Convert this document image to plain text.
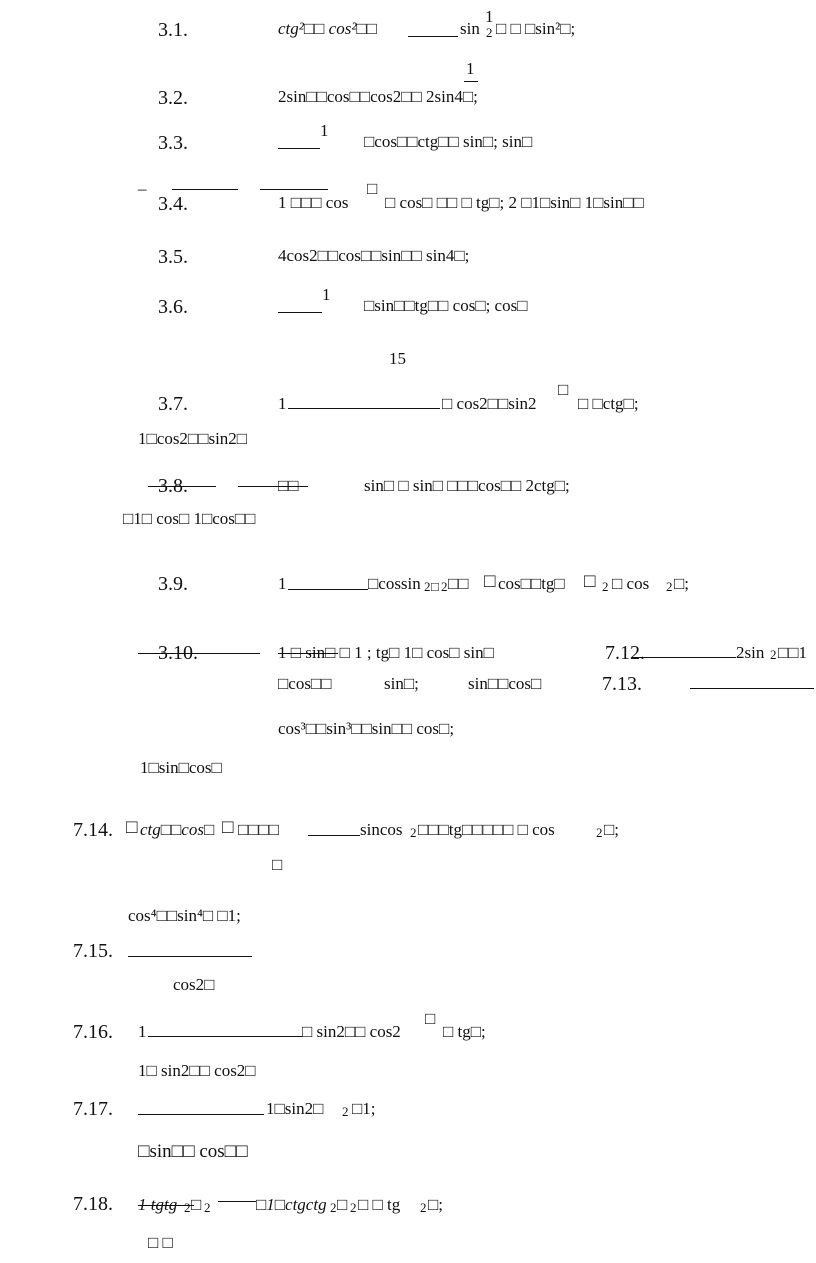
3.1.	ctg²□□ cos²□□	sin
1
2 □ □ □sin²□;
1
3.2.	2sin□□cos□□cos2□□ 2sin4□;
1
3.3.	□cos□□ctg□□ sin□; sin□
–
3.4.	1 □□□ cos
□
□ cos□ □□ □ tg□; 2 □1□sin□ 1□sin□□
3.5.	4cos2□□cos□□sin□□ sin4□;
1
3.6.	□sin□□tg□□ cos□; cos□
15
3.7.	1	□ cos2□□sin2
□
□ □ctg□;
1□cos2□□sin2□
3.8.	□□	sin□ □ sin□ □□□cos□□ 2ctg□;
□1□ cos□ 1□cos□□
3.9.	1	□cossin 2 □ 2 □□ □ cos□□tg□ □ 2 □ cos 2 □;
3.10.	1 □ sin□ □ 1 ; tg□ 1□ cos□ sin□	7.12.	2sin 2 □□1
□cos□□	sin□;	sin□□cos□	7.13.
cos³□□sin³□□sin□□ cos□;
1□sin□cos□
7.14. □ ctg□□cos□ □ □□□□	sincos 2 □□□tg□□□□□ □ cos	2 □;
□
cos⁴□□sin⁴□ □1;
7.15.
cos2□
7.16. 1	□ sin2□□ cos2
□
□ tg□;
1□ sin2□□ cos2□
7.17.	1□sin2□ 2 □1;
□sin□□ cos□□
7.18. 1 tgtg 2 □ 2	□1□ctgctg 2 □ 2 □ □ tg 2 □;
□ □
